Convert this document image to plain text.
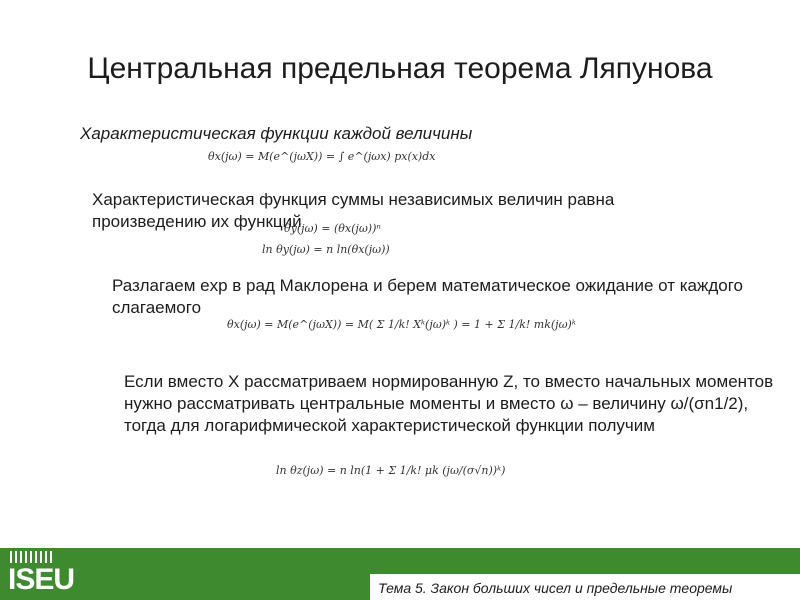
Центральная предельная теорема Ляпунова
Характеристическая функции каждой величины
θx(jω) = M(e^(jωX)) = ∫ e^(jωx) px(x)dx
Характеристическая функция суммы независимых величин равна произведению их функций
θy(jω) = (θx(jω))ⁿ
ln θy(jω) = n ln(θx(jω))
Разлагаем exp в рад Маклорена и берем математическое ожидание от каждого слагаемого
θx(jω) = M(e^(jωX)) = M( Σ 1/k! Xᵏ(jω)ᵏ ) = 1 + Σ 1/k! mk(jω)ᵏ
Если вместо X рассматриваем нормированную Z, то вместо начальных моментов нужно рассматривать центральные моменты и вместо ω – величину ω/(σn1/2), тогда для логарифмической характеристической функции получим
ln θz(jω) = n ln(1 + Σ 1/k! μk (jω/(σ√n))ᵏ)
ISEU	Тема 5. Закон больших чисел и предельные теоремы
